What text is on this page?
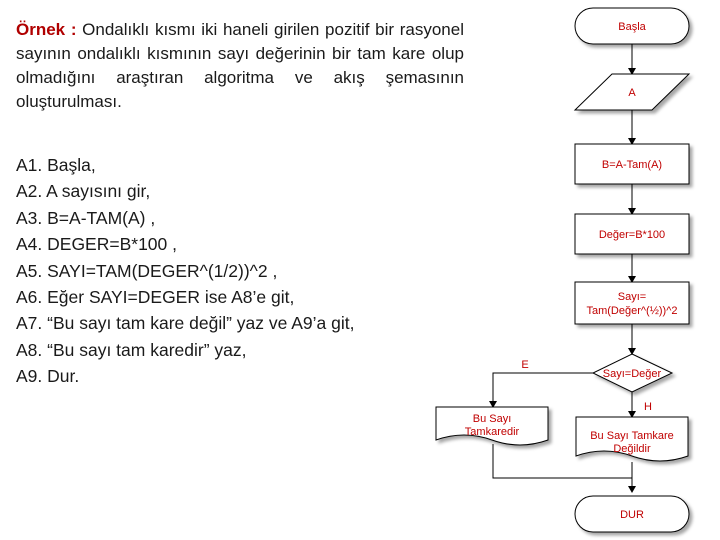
Örnek : Ondalıklı kısmı iki haneli girilen pozitif bir rasyonel sayının ondalıklı kısmının sayı değerinin bir tam kare olup olmadığını araştıran algoritma ve akış şemasının oluşturulması.
A1. Başla,
A2. A sayısını gir,
A3. B=A-TAM(A) ,
A4. DEGER=B*100 ,
A5. SAYI=TAM(DEGER^(1/2))^2 ,
A6. Eğer SAYI=DEGER ise A8’e git,
A7. “Bu sayı tam kare değil” yaz ve A9’a git,
A8. “Bu sayı tam karedir” yaz,
A9. Dur.
Başla
A
B=A-Tam(A)
Değer=B*100
Sayı=
Tam(Değer^(½))^2
Sayı=Değer
E
H
Bu Sayı
Tamkaredir	Bu Sayı Tamkare
Değildir
DUR
